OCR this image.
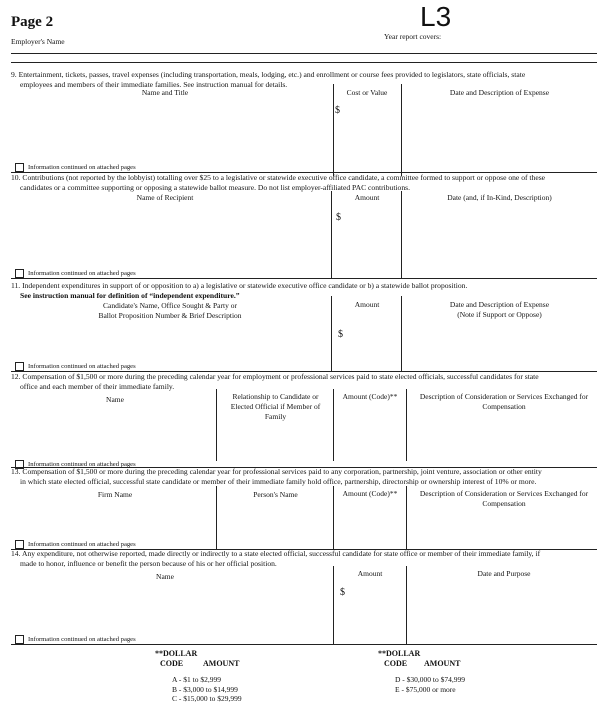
Page 2	L3
Employer's Name
Year report covers:
9. Entertainment, tickets, passes, travel expenses (including transportation, meals, lodging, etc.) and enrollment or course fees provided to legislators, state officials, state
employees and members of their immediate families. See instruction manual for details.
Name and Title	Cost or Value	Date and Description of Expense
$
Information continued on attached pages
10. Contributions (not reported by the lobbyist) totalling over $25 to a legislative or statewide executive office candidate, a committee formed to support or oppose one of these
candidates or a committee supporting or opposing a statewide ballot measure. Do not list employer-affiliated PAC contributions.
Name of Recipient	Amount	Date (and, if In-Kind, Description)
$
Information continued on attached pages
11. Independent expenditures in support of or opposition to a) a legislative or statewide executive office candidate or b) a statewide ballot proposition.
See instruction manual for definition of “independent expenditure.”
Candidate's Name, Office Sought & Party or
Ballot Proposition Number & Brief Description
Amount	Date and Description of Expense
(Note if Support or Oppose)
$
Information continued on attached pages
12. Compensation of $1,500 or more during the preceding calendar year for employment or professional services paid to state elected officials, successful candidates for state
office and each member of their immediate family.
Name	Relationship to Candidate or
Elected Official if Member of
Family
Amount (Code)**	Description of Consideration or Services Exchanged for
Compensation
Information continued on attached pages
13. Compensation of $1,500 or more during the preceding calendar year for professional services paid to any corporation, partnership, joint venture, association or other entity
in which state elected official, successful state candidate or member of their immediate family hold office, partnership, directorship or ownership interest of 10% or more.
Firm Name	Person's Name	Amount (Code)**	Description of Consideration or Services Exchanged for
Compensation
Information continued on attached pages
14. Any expenditure, not otherwise reported, made directly or indirectly to a state elected official, successful candidate for state office or member of their immediate family, if
made to honor, influence or benefit the person because of his or her official position.
Name	Amount	Date and Purpose
$
Information continued on attached pages
**DOLLAR
CODE AMOUNT
A - $1 to $2,999
B - $3,000 to $14,999
C - $15,000 to $29,999
**DOLLAR
CODE AMOUNT
D - $30,000 to $74,999
E - $75,000 or more
